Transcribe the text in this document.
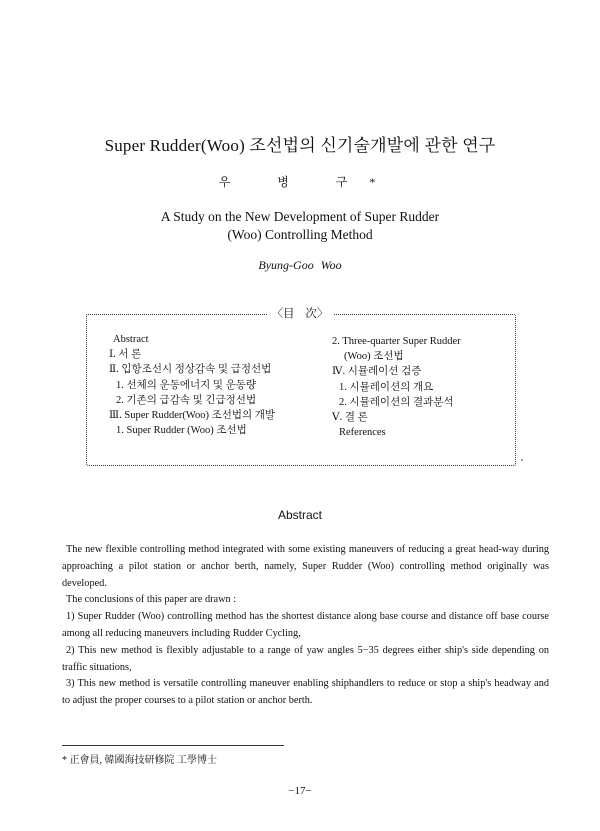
Super Rudder(Woo) 조선법의 신기술개발에 관한 연구
우 병 구*
A Study on the New Development of Super Rudder
(Woo) Controlling Method
Byung-Goo Woo
〈目 次〉
Abstract
Ⅰ. 서 론
Ⅱ. 입항조선시 정상감속 및 급정선법
1. 선체의 운동에너지 및 운동량
2. 기존의 급감속 및 긴급정선법
Ⅲ. Super Rudder(Woo) 조선법의 개발
1. Super Rudder (Woo) 조선법
2. Three-quarter Super Rudder
(Woo) 조선법
Ⅳ. 시뮬레이션 검증
1. 시뮬레이션의 개요
2. 시뮬레이션의 결과분석
Ⅴ. 결 론
References
Abstract

The new flexible controlling method integrated with some existing maneuvers of reducing a great head-way during approaching a pilot station or anchor berth, namely, Super Rudder (Woo) controlling method originally was developed.

The conclusions of this paper are drawn :

1) Super Rudder (Woo) controlling method has the shortest distance along base course and distance off base course among all reducing maneuvers including Rudder Cycling,

2) This new method is flexibly adjustable to a range of yaw angles 5−35 degrees either ship's side depending on traffic situations,

3) This new method is versatile controlling maneuver enabling shiphandlers to reduce or stop a ship's headway and to adjust the proper courses to a pilot station or anchor berth.

* 正會員, 韓國海技研修院 工學博士
−17−
